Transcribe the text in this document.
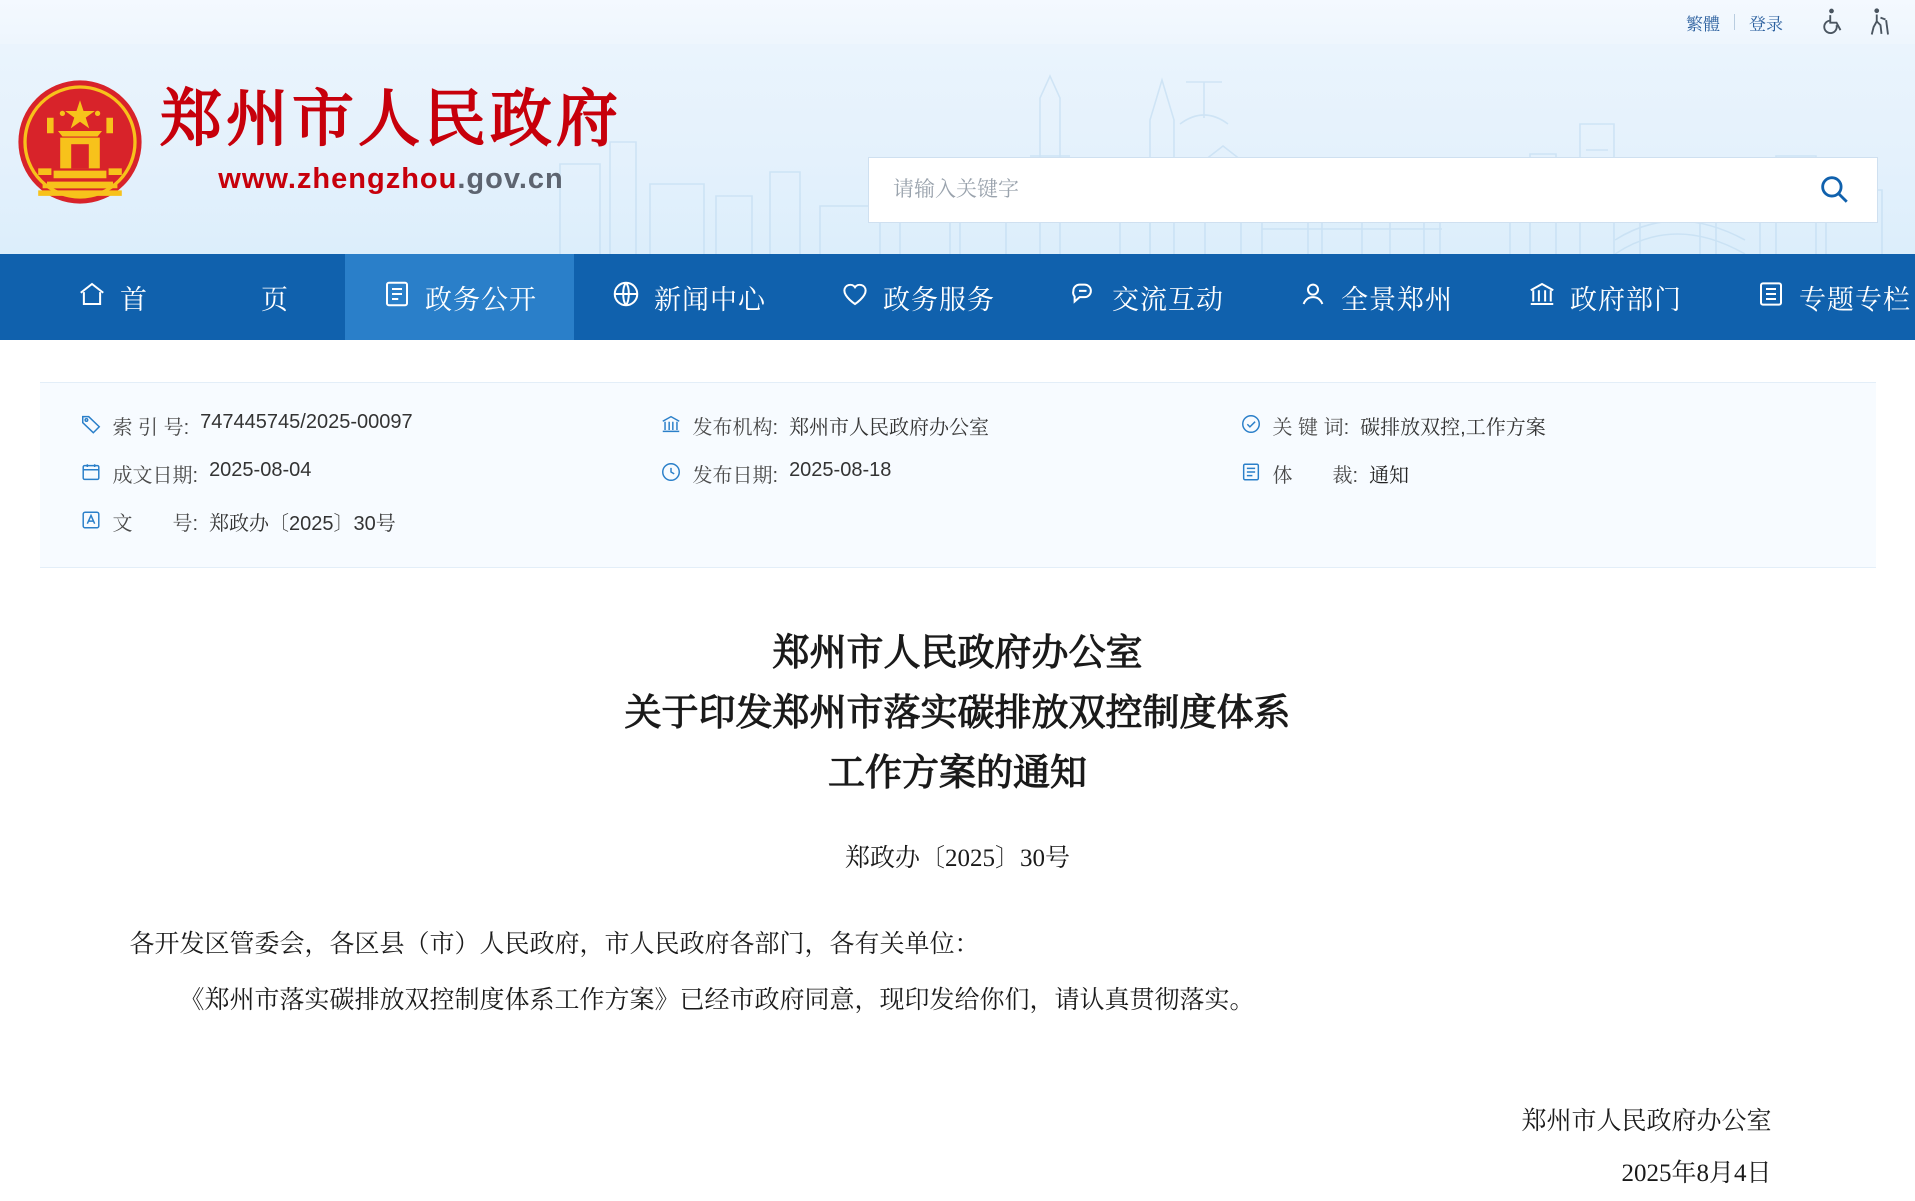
繁體	登录
郑州市人民政府
www.zhengzhou.gov.cn
请输入关键字
首　　页	政务公开	新闻中心	政务服务	交流互动	全景郑州	政府部门	专题专栏
索 引 号: 747445745/2025-00097	发布机构: 郑州市人民政府办公室	关 键 词: 碳排放双控,工作方案
成文日期: 2025-08-04	发布日期: 2025-08-18	体　　裁: 通知
文　　号: 郑政办〔2025〕30号
郑州市人民政府办公室
关于印发郑州市落实碳排放双控制度体系
工作方案的通知
郑政办〔2025〕30号

各开发区管委会，各区县（市）人民政府，市人民政府各部门，各有关单位：

《郑州市落实碳排放双控制度体系工作方案》已经市政府同意，现印发给你们，请认真贯彻落实。

郑州市人民政府办公室
2025年8月4日
